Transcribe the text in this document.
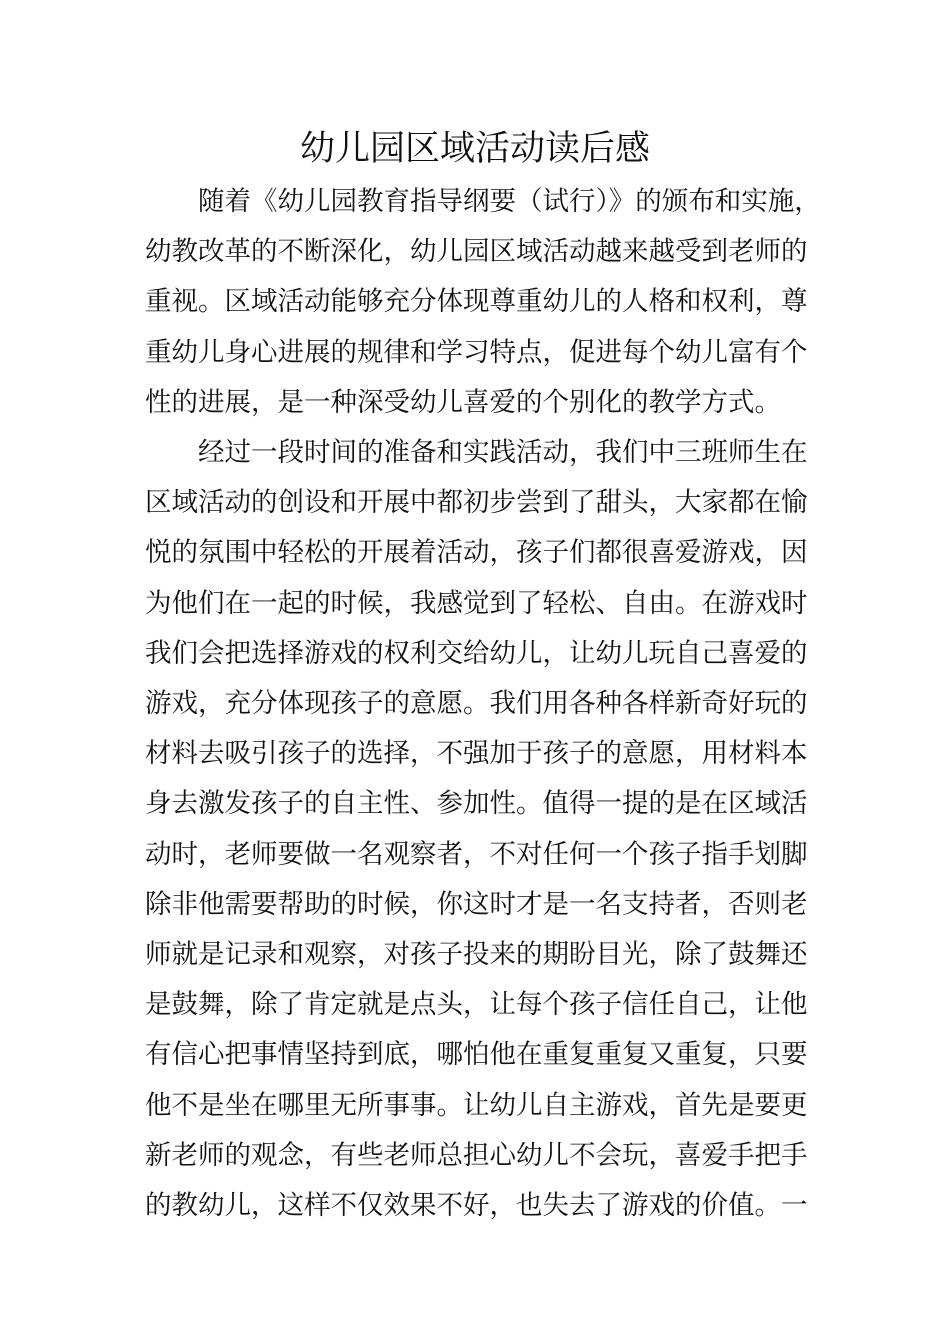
幼儿园区域活动读后感

随着《幼儿园教育指导纲要（试行）》的颁布和实施，
幼教改革的不断深化，幼儿园区域活动越来越受到老师的
重视。区域活动能够充分体现尊重幼儿的人格和权利，尊
重幼儿身心进展的规律和学习特点，促进每个幼儿富有个
性的进展，是一种深受幼儿喜爱的个别化的教学方式。

经过一段时间的准备和实践活动，我们中三班师生在
区域活动的创设和开展中都初步尝到了甜头，大家都在愉
悦的氛围中轻松的开展着活动，孩子们都很喜爱游戏，因
为他们在一起的时候，我感觉到了轻松、自由。在游戏时
我们会把选择游戏的权利交给幼儿，让幼儿玩自己喜爱的
游戏，充分体现孩子的意愿。我们用各种各样新奇好玩的
材料去吸引孩子的选择，不强加于孩子的意愿，用材料本
身去激发孩子的自主性、参加性。值得一提的是在区域活
动时，老师要做一名观察者，不对任何一个孩子指手划脚
除非他需要帮助的时候，你这时才是一名支持者，否则老
师就是记录和观察，对孩子投来的期盼目光，除了鼓舞还
是鼓舞，除了肯定就是点头，让每个孩子信任自己，让他
有信心把事情坚持到底，哪怕他在重复重复又重复，只要
他不是坐在哪里无所事事。让幼儿自主游戏，首先是要更
新老师的观念，有些老师总担心幼儿不会玩，喜爱手把手
的教幼儿，这样不仅效果不好，也失去了游戏的价值。一
